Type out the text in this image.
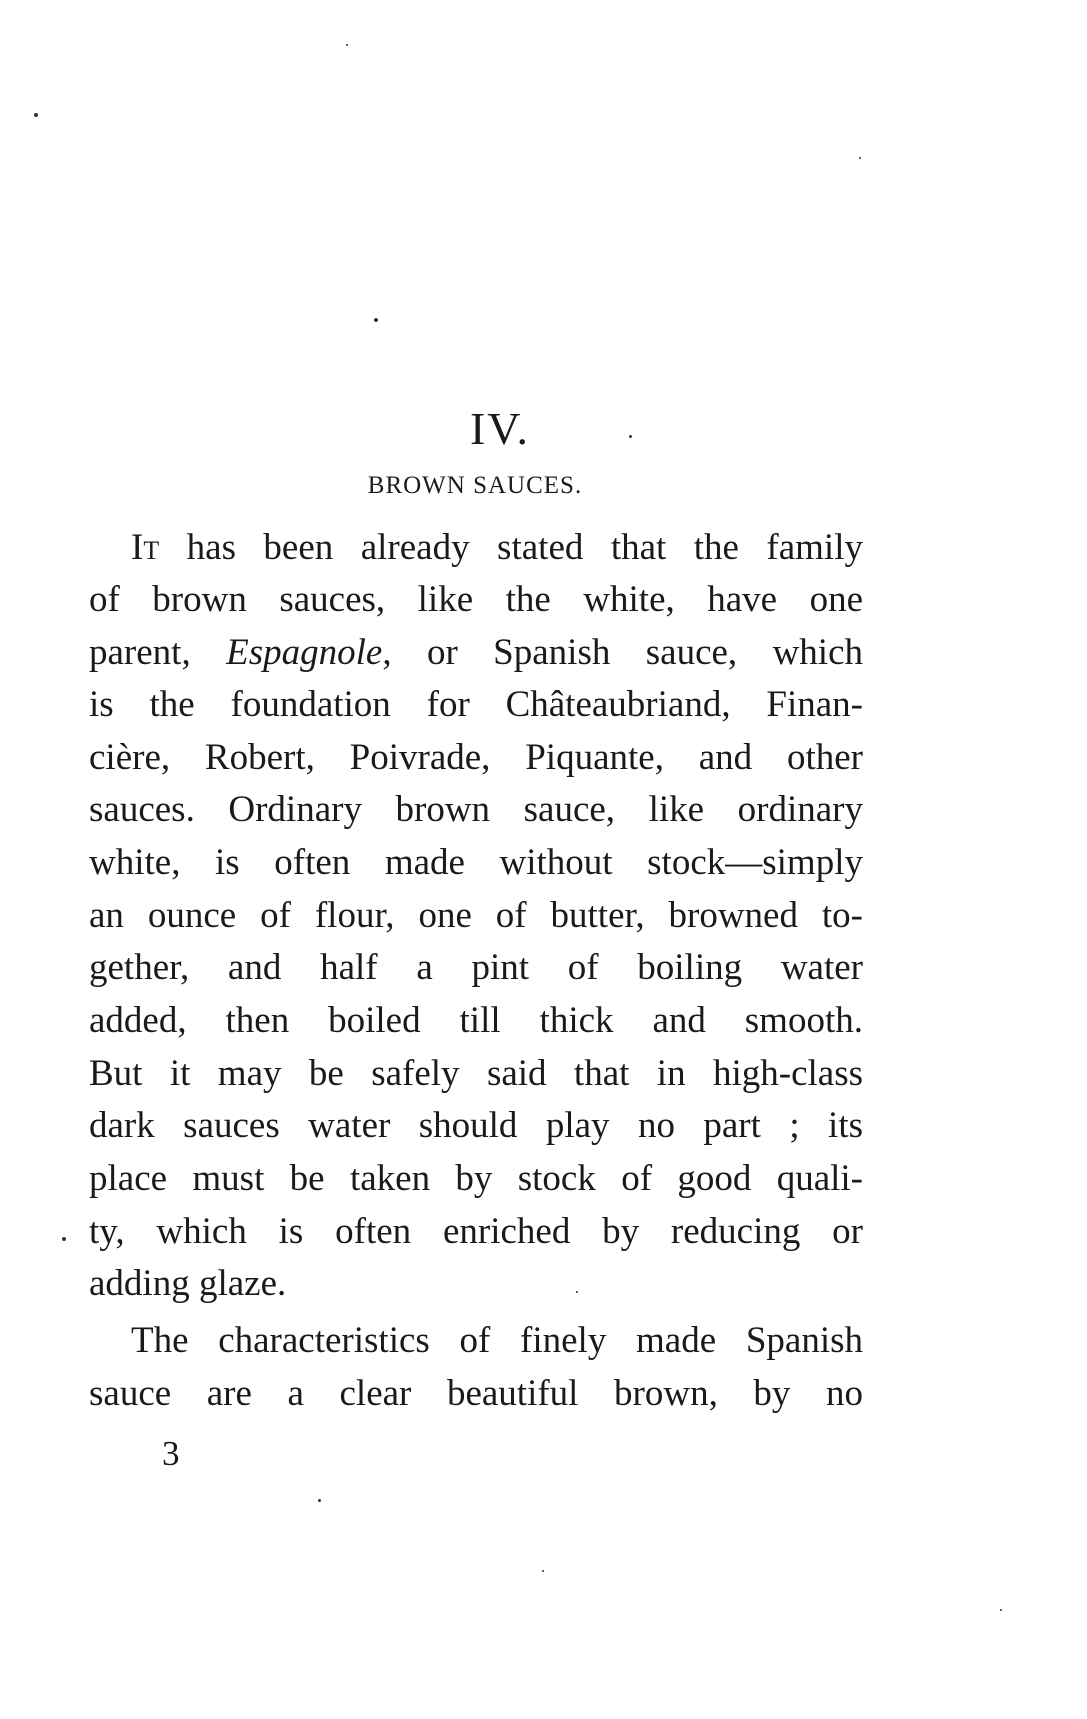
IV.
BROWN SAUCES.
It has been already stated that the family
of brown sauces, like the white, have one
parent, Espagnole, or Spanish sauce, which
is the foundation for Châteaubriand, Finan-
cière, Robert, Poivrade, Piquante, and other
sauces. Ordinary brown sauce, like ordinary
white, is often made without stock—simply
an ounce of flour, one of butter, browned to-
gether, and half a pint of boiling water
added, then boiled till thick and smooth.
But it may be safely said that in high-class
dark sauces water should play no part ; its
place must be taken by stock of good quali-
ty, which is often enriched by reducing or
adding glaze.
The characteristics of finely made Spanish
sauce are a clear beautiful brown, by no
3
